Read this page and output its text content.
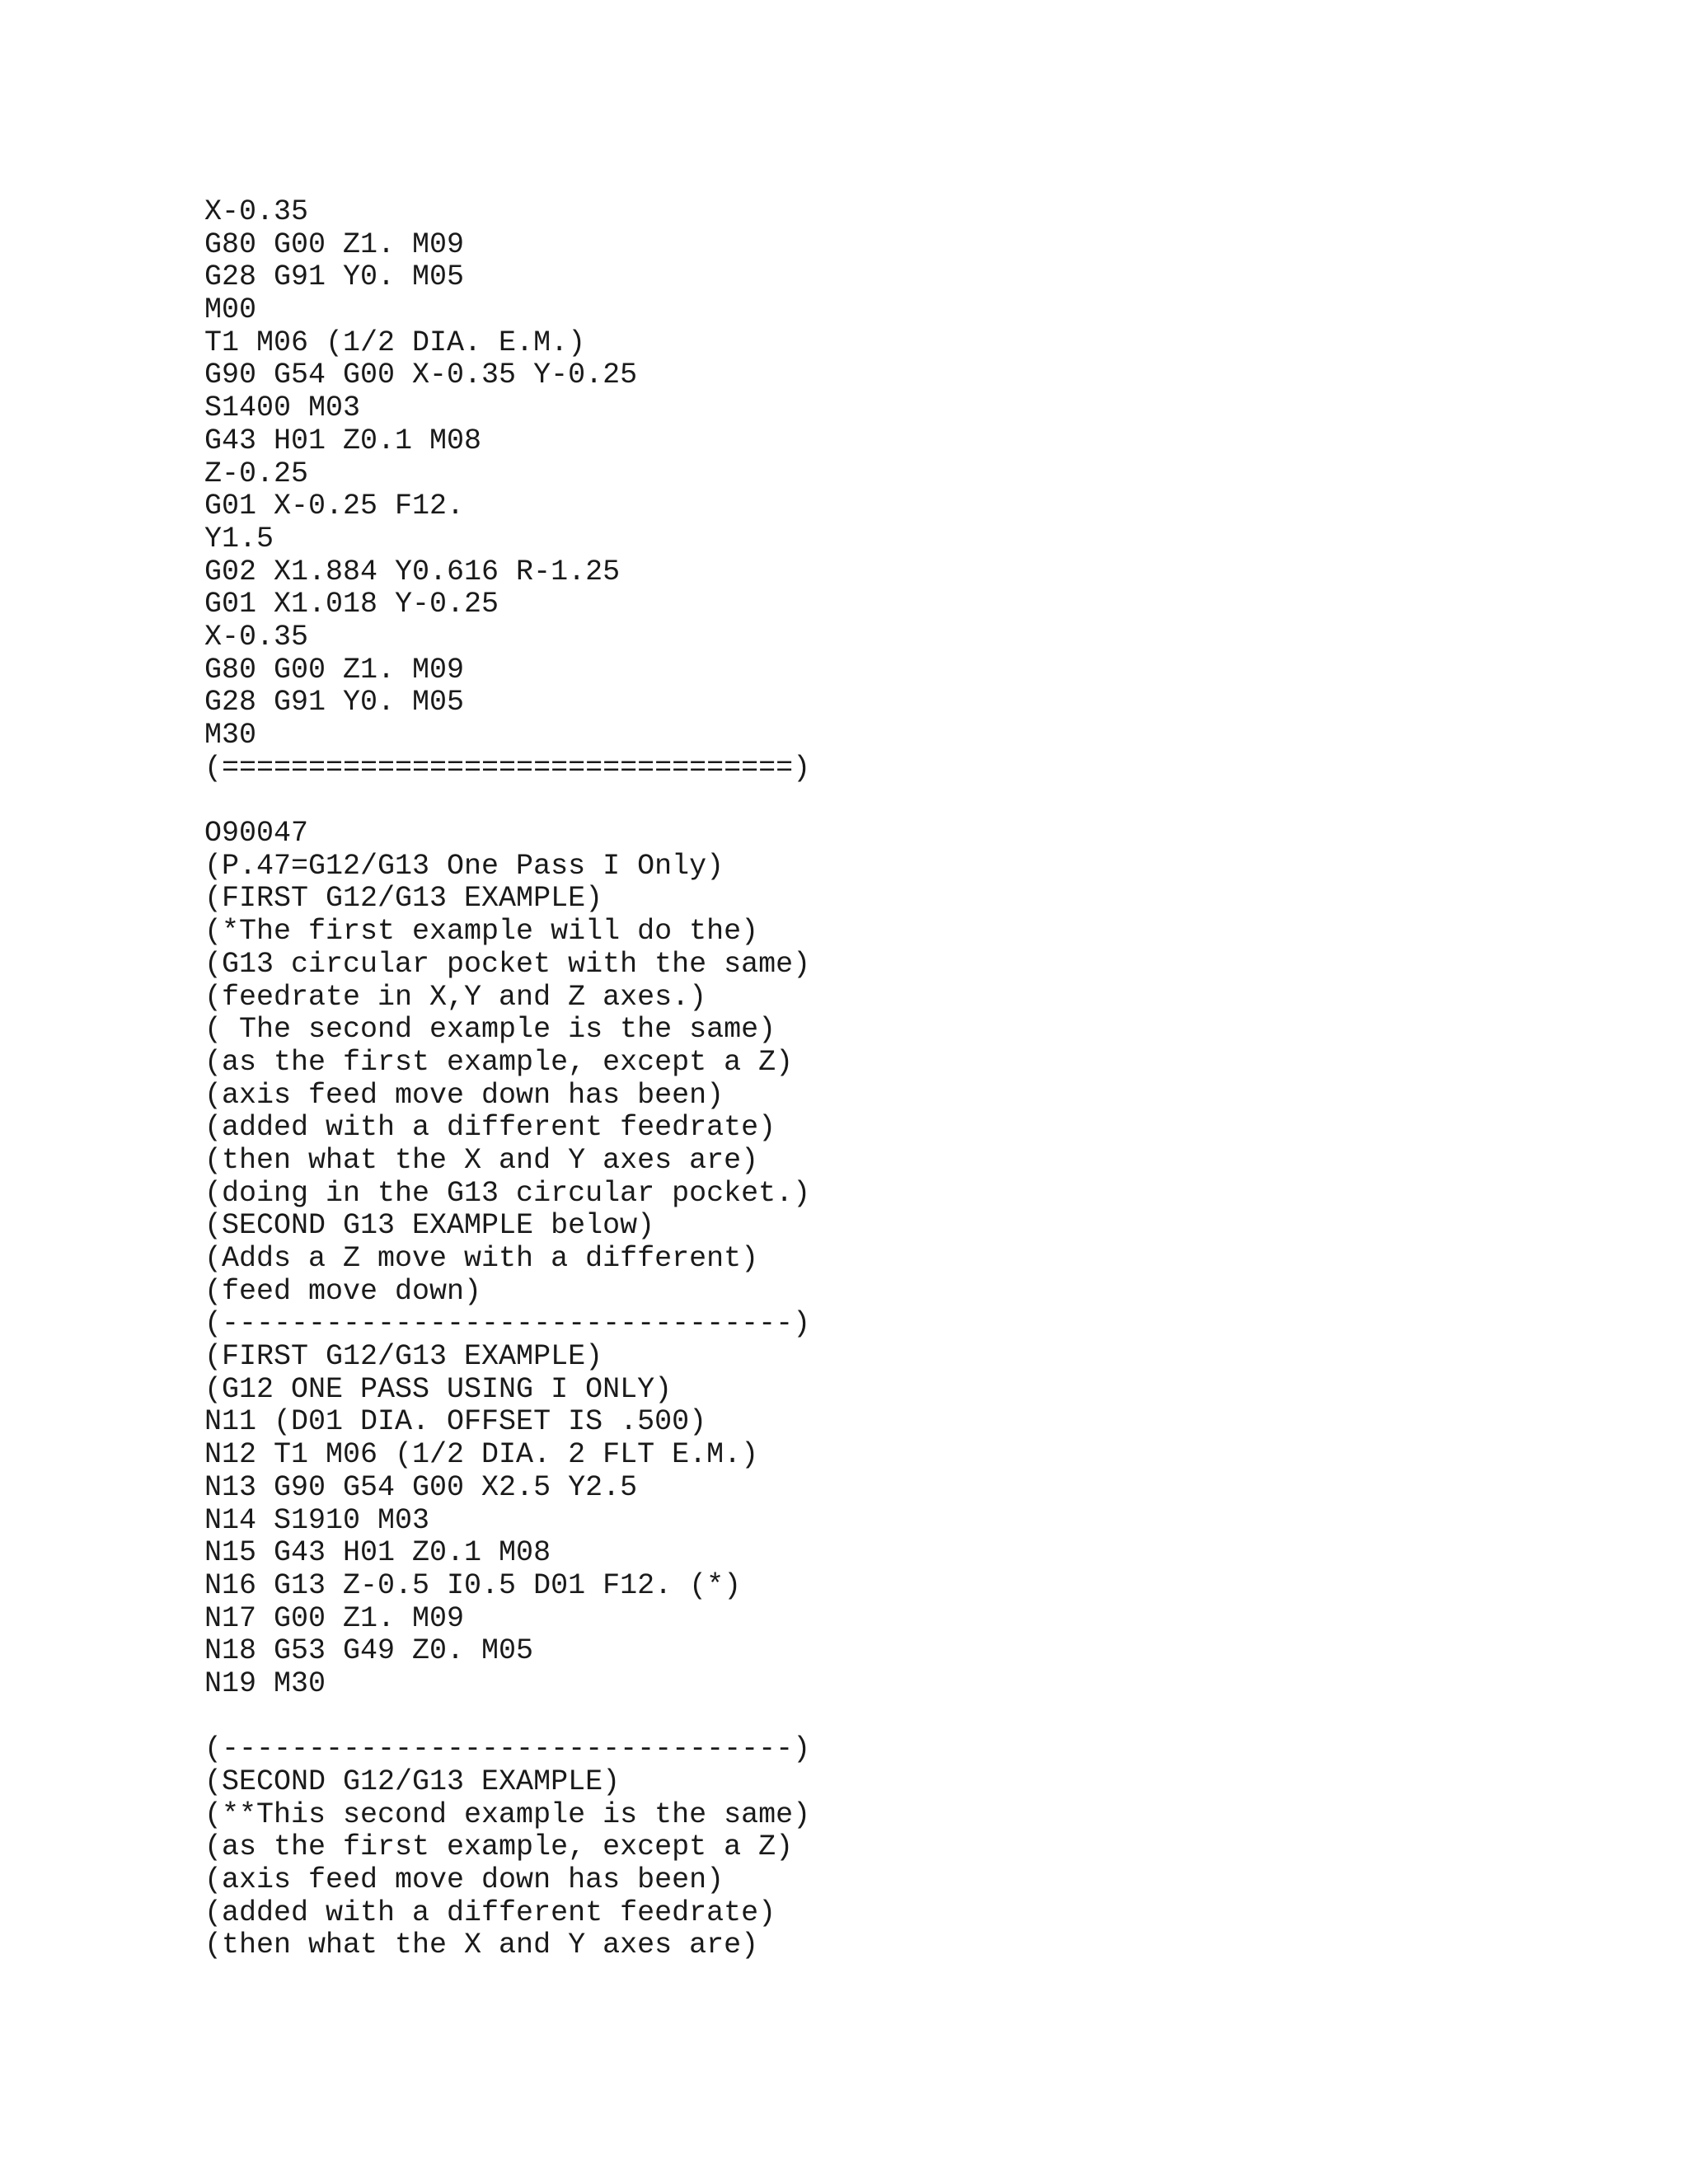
X-0.35
G80 G00 Z1. M09
G28 G91 Y0. M05
M00
T1 M06 (1/2 DIA. E.M.)
G90 G54 G00 X-0.35 Y-0.25
S1400 M03
G43 H01 Z0.1 M08
Z-0.25
G01 X-0.25 F12.
Y1.5
G02 X1.884 Y0.616 R-1.25
G01 X1.018 Y-0.25
X-0.35
G80 G00 Z1. M09
G28 G91 Y0. M05
M30
(=================================)
O90047
(P.47=G12/G13 One Pass I Only)
(FIRST G12/G13 EXAMPLE)
(*The first example will do the)
(G13 circular pocket with the same)
(feedrate in X,Y and Z axes.)
( The second example is the same)
(as the first example, except a Z)
(axis feed move down has been)
(added with a different feedrate)
(then what the X and Y axes are)
(doing in the G13 circular pocket.)
(SECOND G13 EXAMPLE below)
(Adds a Z move with a different)
(feed move down)
(---------------------------------)
(FIRST G12/G13 EXAMPLE)
(G12 ONE PASS USING I ONLY)
N11 (D01 DIA. OFFSET IS .500)
N12 T1 M06 (1/2 DIA. 2 FLT E.M.)
N13 G90 G54 G00 X2.5 Y2.5
N14 S1910 M03
N15 G43 H01 Z0.1 M08
N16 G13 Z-0.5 I0.5 D01 F12. (*)
N17 G00 Z1. M09
N18 G53 G49 Z0. M05
N19 M30
(---------------------------------)
(SECOND G12/G13 EXAMPLE)
(**This second example is the same)
(as the first example, except a Z)
(axis feed move down has been)
(added with a different feedrate)
(then what the X and Y axes are)
